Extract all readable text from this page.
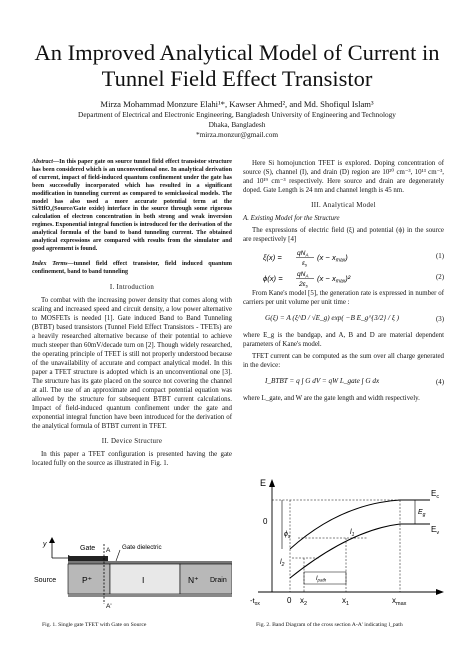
An Improved Analytical Model of Current in
Tunnel Field Effect Transistor
Mirza Mohammad Monzure Elahi¹*, Kawser Ahmed², and Md. Shofiqul Islam³
Department of Electrical and Electronic Engineering, Bangladesh University of Engineering and Technology
Dhaka, Bangladesh
*mirza.monzur@gmail.com
Abstract—In this paper gate on source tunnel field effect transistor structure has been considered which is an unconventional one. In analytical derivation of current, impact of field-induced quantum confinement under the gate has been successfully incorporated which has resulted in a significant modification in tunneling current as compared to semiclassical models. The model has also used a more accurate potential term at the Si/HfO₂(Source/Gate oxide) interface in the source through some rigorous calculation of electron concentration in both strong and weak inversion regimes. Exponential integral function is introduced for the derivation of the analytical formula of the band to band tunneling current. The obtained analytical expressions are compared with results from the simulator and good agreement is found.
Index Terms—tunnel field effect transistor, field induced quantum confinement, band to band tunneling
I. Introduction

To combat with the increasing power density that comes along with scaling and increased speed and circuit density, a low power alternative to MOSFETs is needed [1]. Gate induced Band to Band Tunneling (BTBT) based transistors (Tunnel Field Effect Transistors - TFETs) are a heavily researched alternative because of their potential to achieve much steeper than 60mV/decade turn on [2]. Though widely researched, the operating principle of TFET is still not properly understood because of the unavailability of accurate and compact analytical model. In this paper a TFET structure is adopted which is an unconventional one [3]. The structure has its gate placed on the source not covering the channel at all. The use of an approximate and compact potential equation was allowed by the structure for subsequent BTBT current calculations. Impact of field-induced quantum confinement under the gate and exponential integral function have been introduced for the derivation of the analytical formula of BTBT current in TFET.

II. Device Structure

In this paper a TFET configuration is presented having the gate located fully on the source as illustrated in Fig. 1.

y
Gate	Gate dielectric
P⁺	I	N⁺
Source	Drain
A
A'
Fig. 1. Single gate TFET with Gate on Source

Here Si homojunction TFET is explored. Doping concentration of source (S), channel (I), and drain (D) region are 10²⁰ cm⁻³, 10¹³ cm⁻³, and 10¹⁹ cm⁻³ respectively. Here source and drain are degenerately doped. Gate Length is 24 nm and channel length is 45 nm.

III. Analytical Model
A. Existing Model for the Structure

The expressions of electric field (ξ) and potential (ϕ) in the source are respectively [4]

$\xi(x) = qN_A$
$\varepsilon_s$
(x − xmax)	(1)
$\phi(x) = qN_A$
$2\varepsilon_s$
(x − xmax)²	(2)

From Kane's model [5], the generation rate is expressed in number of carriers per unit volume per unit time :

G(ξ) = A (ξ^D / √E_g) exp( −B E_g^{3/2} / ξ )	(3)

where E_g is the bandgap, and A, B and D are material dependent parameters of Kane's model.

TFET current can be computed as the sum over all charge generated in the device:

I_BTBT = q ∫ G dV = qW L_gate ∫ G dx	(4)

where L_gate, and W are the gate length and width respectively.

E
$E_c$
$E_v$
$E_g$
0
$l_1$
$l_2$
$\phi_s$
$l_{path}$
$-t_{ox}$	0 $x_2$	$x_1$	$x_{max}$
Fig. 2. Band Diagram of the cross section A-A' indicating l_path
